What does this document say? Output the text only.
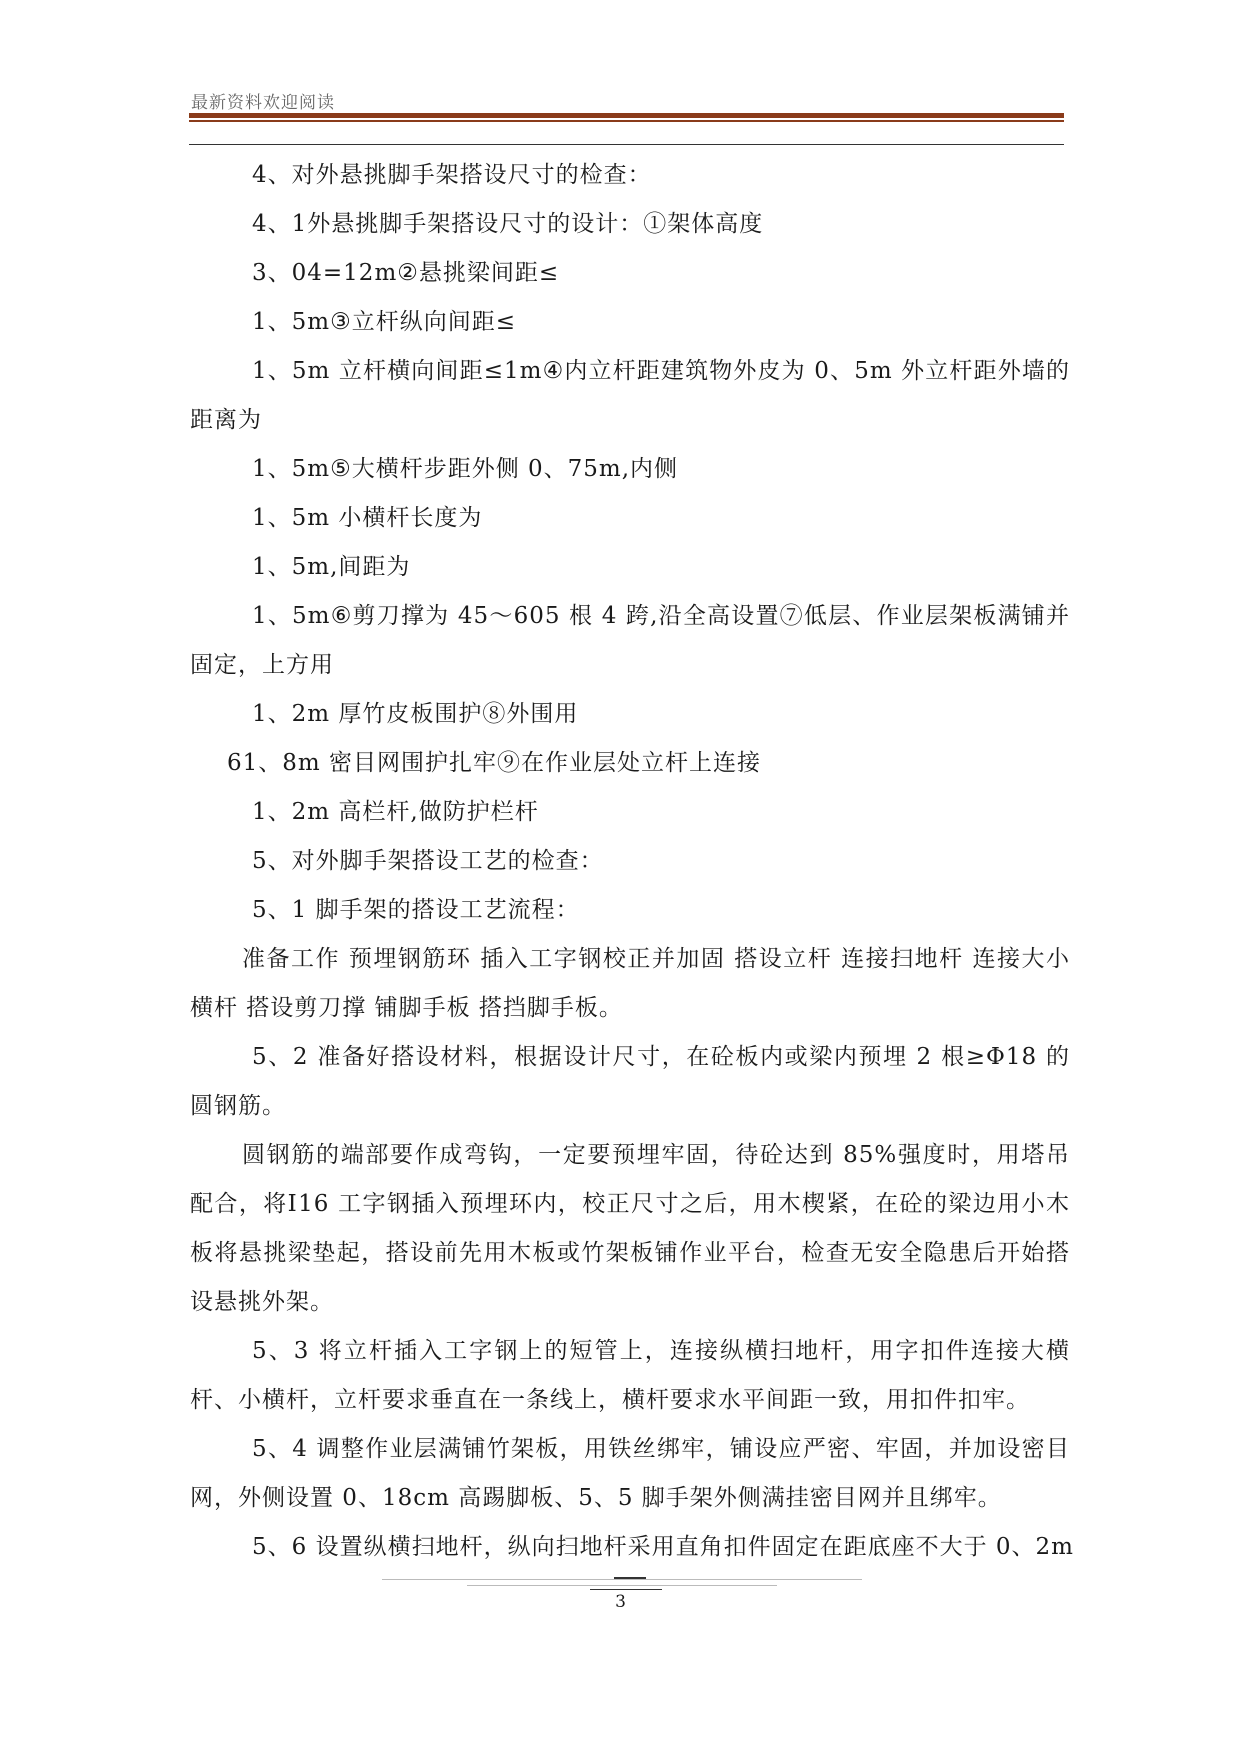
最新资料欢迎阅读

4、对外悬挑脚手架搭设尺寸的检查：

4、1外悬挑脚手架搭设尺寸的设计：①架体高度

3、04=12m②悬挑梁间距≤

1、5m③立杆纵向间距≤

1、5m 立杆横向间距≤1m④内立杆距建筑物外皮为 0、5m 外立杆距外墙的距离为

1、5m⑤大横杆步距外侧 0、75m,内侧

1、5m 小横杆长度为

1、5m,间距为

1、5m⑥剪刀撑为 45～605 根 4 跨,沿全高设置⑦低层、作业层架板满铺并固定，上方用

1、2m 厚竹皮板围护⑧外围用

61、8m 密目网围护扎牢⑨在作业层处立杆上连接

1、2m 高栏杆,做防护栏杆

5、对外脚手架搭设工艺的检查：

5、1 脚手架的搭设工艺流程：

准备工作 预埋钢筋环 插入工字钢校正并加固 搭设立杆 连接扫地杆 连接大小横杆 搭设剪刀撑 铺脚手板 搭挡脚手板。

5、2 准备好搭设材料，根据设计尺寸，在砼板内或梁内预埋 2 根≥Φ18 的圆钢筋。

圆钢筋的端部要作成弯钩，一定要预埋牢固，待砼达到 85%强度时，用塔吊配合，将Ⅰ16 工字钢插入预埋环内，校正尺寸之后，用木楔紧，在砼的梁边用小木板将悬挑梁垫起，搭设前先用木板或竹架板铺作业平台，检查无安全隐患后开始搭设悬挑外架。

5、3 将立杆插入工字钢上的短管上，连接纵横扫地杆，用字扣件连接大横杆、小横杆，立杆要求垂直在一条线上，横杆要求水平间距一致，用扣件扣牢。

5、4 调整作业层满铺竹架板，用铁丝绑牢，铺设应严密、牢固，并加设密目网，外侧设置 0、18cm 高踢脚板、5、5 脚手架外侧满挂密目网并且绑牢。

5、6 设置纵横扫地杆，纵向扫地杆采用直角扣件固定在距底座不大于 0、2m

3
